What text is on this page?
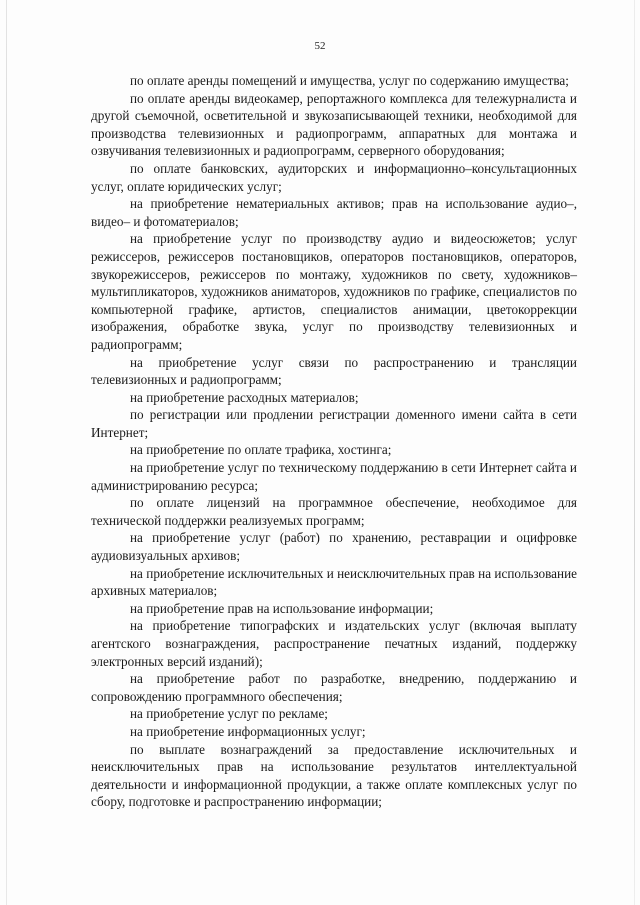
52

по оплате аренды помещений и имущества, услуг по содержанию имущества;

по оплате аренды видеокамер, репортажного комплекса для тележурналиста и другой съемочной, осветительной и звукозаписывающей техники, необходимой для производства телевизионных и радиопрограмм, аппаратных для монтажа и озвучивания телевизионных и радиопрограмм, серверного оборудования;

по оплате банковских, аудиторских и информационно–консультационных услуг, оплате юридических услуг;

на приобретение нематериальных активов; прав на использование аудио–, видео– и фотоматериалов;

на приобретение услуг по производству аудио и видеосюжетов; услуг режиссеров, режиссеров постановщиков, операторов постановщиков, операторов, звукорежиссеров, режиссеров по монтажу, художников по свету, художников–мультипликаторов, художников аниматоров, художников по графике, специалистов по компьютерной графике, артистов, специалистов анимации, цветокоррекции изображения, обработке звука, услуг по производству телевизионных и радиопрограмм;

на приобретение услуг связи по распространению и трансляции телевизионных и радиопрограмм;

на приобретение расходных материалов;

по регистрации или продлении регистрации доменного имени сайта в сети Интернет;

на приобретение по оплате трафика, хостинга;

на приобретение услуг по техническому поддержанию в сети Интернет сайта и администрированию ресурса;

по оплате лицензий на программное обеспечение, необходимое для технической поддержки реализуемых программ;

на приобретение услуг (работ) по хранению, реставрации и оцифровке аудиовизуальных архивов;

на приобретение исключительных и неисключительных прав на использование архивных материалов;

на приобретение прав на использование информации;

на приобретение типографских и издательских услуг (включая выплату агентского вознаграждения, распространение печатных изданий, поддержку электронных версий изданий);

на приобретение работ по разработке, внедрению, поддержанию и сопровождению программного обеспечения;

на приобретение услуг по рекламе;

на приобретение информационных услуг;

по выплате вознаграждений за предоставление исключительных и неисключительных прав на использование результатов интеллектуальной деятельности и информационной продукции, а также оплате комплексных услуг по сбору, подготовке и распространению информации;
